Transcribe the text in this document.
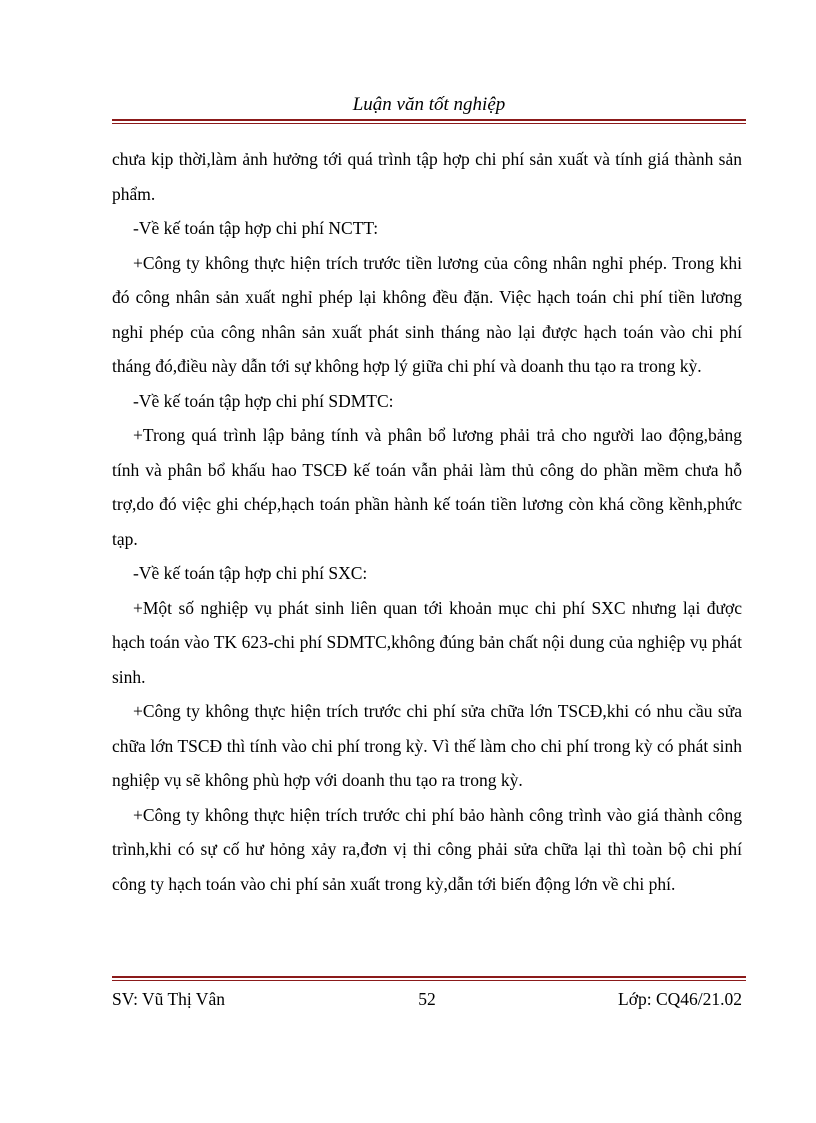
Luận văn tốt nghiệp

chưa kịp thời,làm ảnh hưởng tới quá trình tập hợp chi phí sản xuất và tính giá thành sản phẩm.

-Về kế toán tập hợp chi phí NCTT:

+Công ty không thực hiện trích trước tiền lương của công nhân nghỉ phép. Trong khi đó công nhân sản xuất nghỉ phép lại không đều đặn. Việc hạch toán chi phí tiền lương nghỉ phép của công nhân sản xuất phát sinh tháng nào lại được hạch toán vào chi phí tháng đó,điều này dẫn tới sự không hợp lý giữa chi phí và doanh thu tạo ra trong kỳ.

-Về kế toán tập hợp chi phí SDMTC:

+Trong quá trình lập bảng tính và phân bổ lương phải trả cho người lao động,bảng tính và phân bổ khấu hao TSCĐ kế toán vẫn phải làm thủ công do phần mềm chưa hỗ trợ,do đó việc ghi chép,hạch toán phần hành kế toán tiền lương còn khá cồng kềnh,phức tạp.

-Về kế toán tập hợp chi phí SXC:

+Một số nghiệp vụ phát sinh liên quan tới khoản mục chi phí SXC nhưng lại được hạch toán vào TK 623-chi phí SDMTC,không đúng bản chất nội dung của nghiệp vụ phát sinh.

+Công ty không thực hiện trích trước chi phí sửa chữa lớn TSCĐ,khi có nhu cầu sửa chữa lớn TSCĐ thì tính vào chi phí trong kỳ. Vì thế làm cho chi phí trong kỳ có phát sinh nghiệp vụ sẽ không phù hợp với doanh thu tạo ra trong kỳ.

+Công ty không thực hiện trích trước chi phí bảo hành công trình vào giá thành công trình,khi có sự cố hư hỏng xảy ra,đơn vị thi công phải sửa chữa lại thì toàn bộ chi phí công ty hạch toán vào chi phí sản xuất trong kỳ,dẫn tới biến động lớn về chi phí.

SV: Vũ Thị Vân	52	Lớp: CQ46/21.02
